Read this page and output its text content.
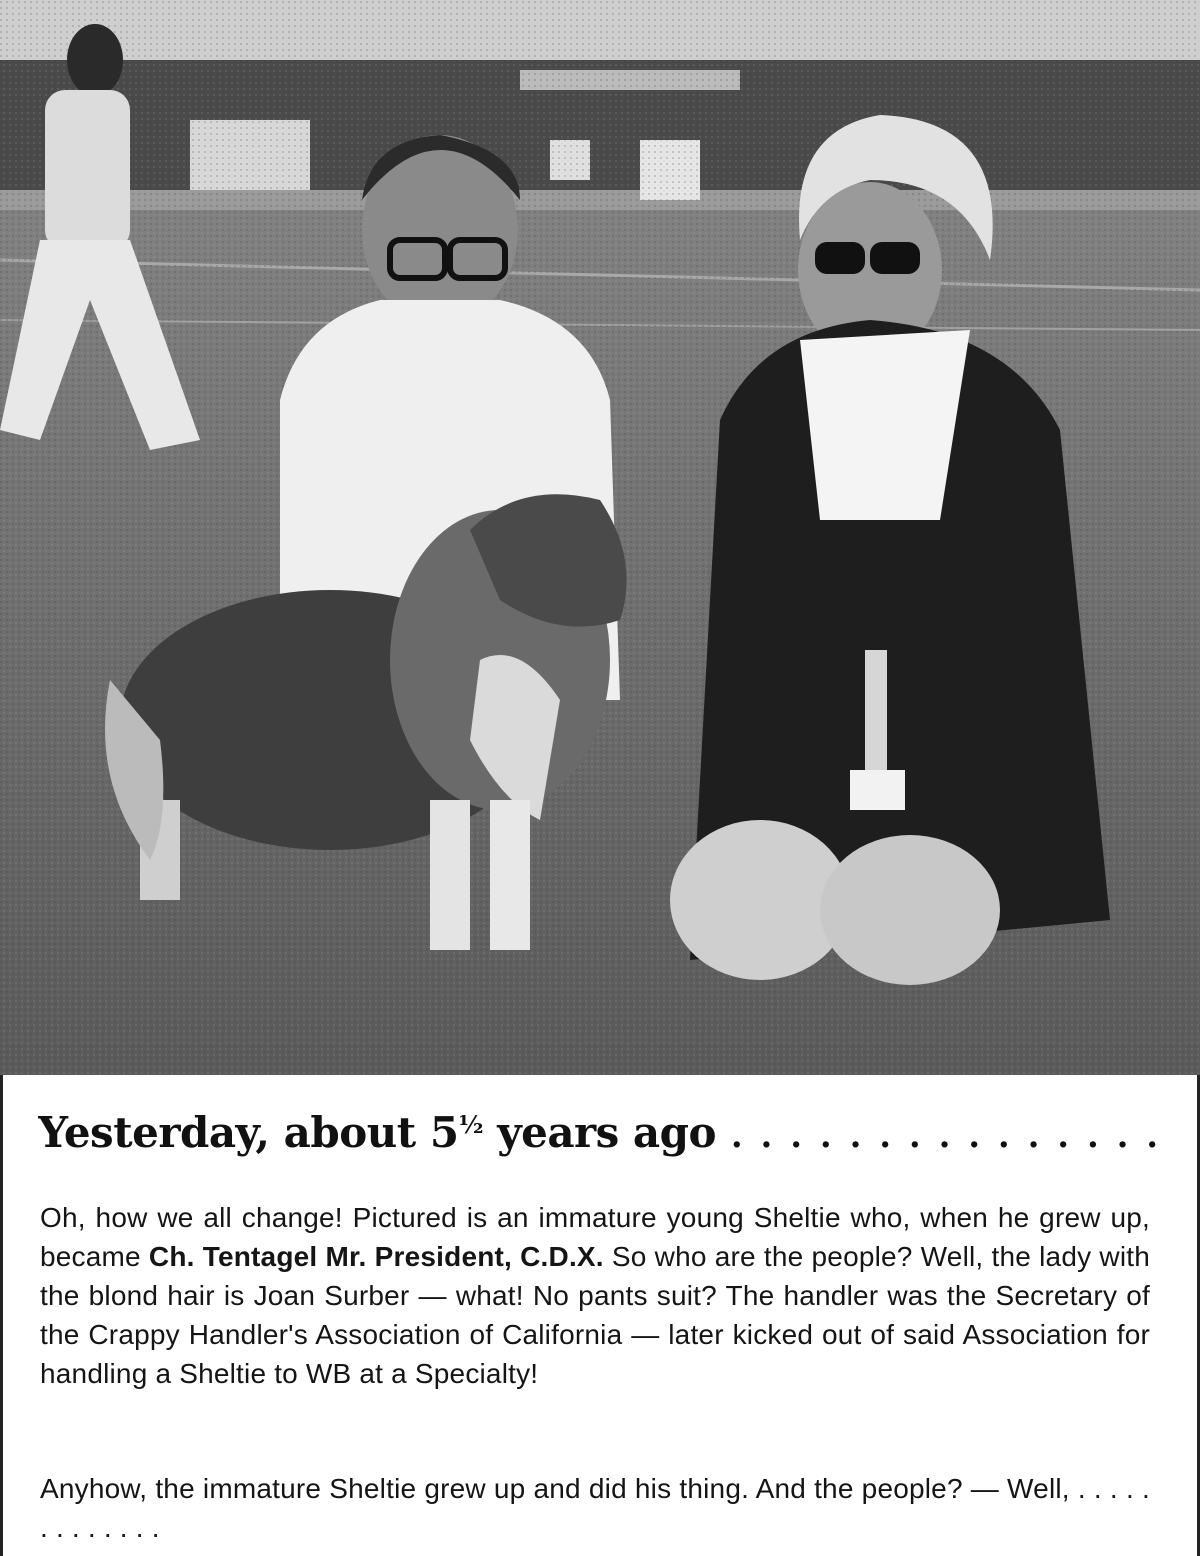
Yesterday, about $5^{\frac{1}{2}}$ years ago . . . . . . . . . . . . . . .
Oh, how we all change! Pictured is an immature young Sheltie who, when he grew up, became Ch. Tentagel Mr. President, C.D.X. So who are the people? Well, the lady with the blond hair is Joan Surber — what! No pants suit? The handler was the Secretary of the Crappy Handler's Association of California — later kicked out of said Association for handling a Sheltie to WB at a Specialty!
Anyhow, the immature Sheltie grew up and did his thing. And the people? — Well, . . . . . . . . . . . . .
